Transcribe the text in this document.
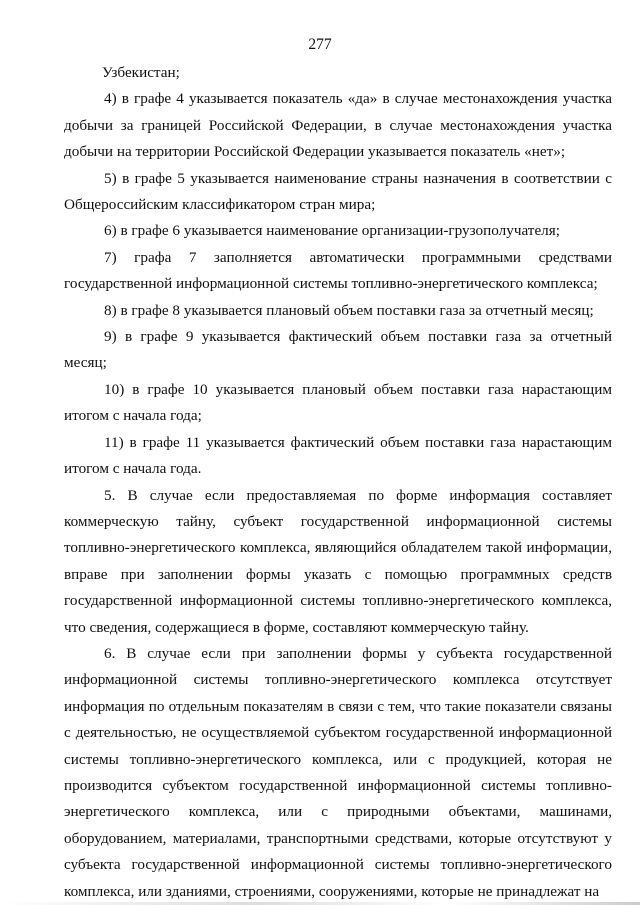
277

Узбекистан;

4) в графе 4 указывается показатель «да» в случае местонахождения участка добычи за границей Российской Федерации, в случае местонахождения участка добычи на территории Российской Федерации указывается показатель «нет»;

5) в графе 5 указывается наименование страны назначения в соответствии с Общероссийским классификатором стран мира;

6) в графе 6 указывается наименование организации-грузополучателя;

7) графа 7 заполняется автоматически программными средствами государственной информационной системы топливно-энергетического комплекса;

8) в графе 8 указывается плановый объем поставки газа за отчетный месяц;

9) в графе 9 указывается фактический объем поставки газа за отчетный месяц;

10) в графе 10 указывается плановый объем поставки газа нарастающим итогом с начала года;

11) в графе 11 указывается фактический объем поставки газа нарастающим итогом с начала года.

5. В случае если предоставляемая по форме информация составляет коммерческую тайну, субъект государственной информационной системы топливно-энергетического комплекса, являющийся обладателем такой информации, вправе при заполнении формы указать с помощью программных средств государственной информационной системы топливно-энергетического комплекса, что сведения, содержащиеся в форме, составляют коммерческую тайну.

6. В случае если при заполнении формы у субъекта государственной информационной системы топливно-энергетического комплекса отсутствует информация по отдельным показателям в связи с тем, что такие показатели связаны с деятельностью, не осуществляемой субъектом государственной информационной системы топливно-энергетического комплекса, или с продукцией, которая не производится субъектом государственной информационной системы топливно-энергетического комплекса, или с природными объектами, машинами, оборудованием, материалами, транспортными средствами, которые отсутствуют у субъекта государственной информационной системы топливно-энергетического комплекса, или зданиями, строениями, сооружениями, которые не принадлежат на
